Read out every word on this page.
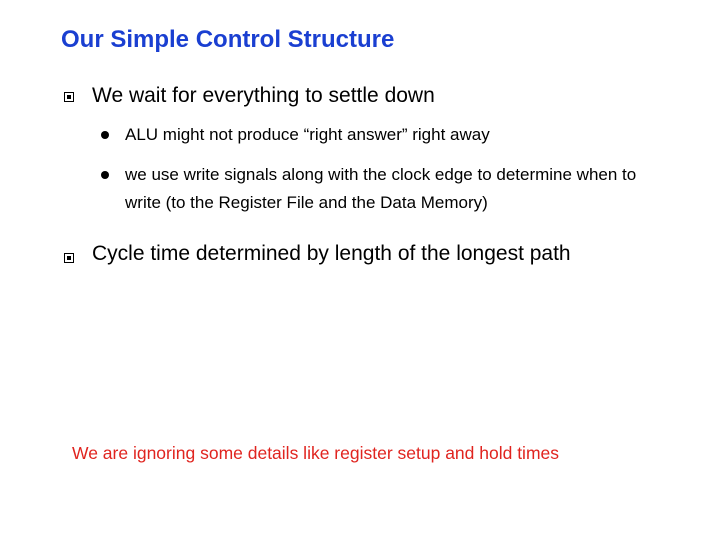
Our Simple Control Structure
We wait for everything to settle down
ALU might not produce “right answer” right away
we use write signals along with the clock edge to determine when to write (to the Register File and the Data Memory)
Cycle time determined by length of the longest path
We are ignoring some details like register setup and hold times
